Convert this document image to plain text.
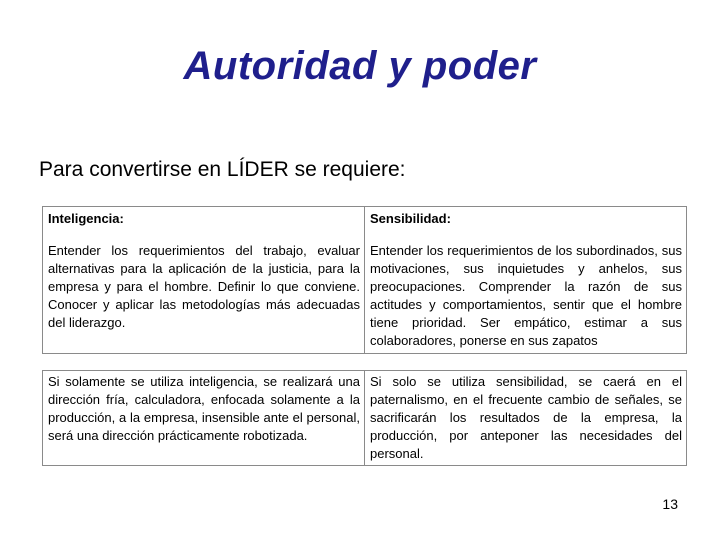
Autoridad y poder
Para convertirse en LÍDER se requiere:
Inteligencia:

Entender los requerimientos del trabajo, evaluar alternativas para la aplicación de la justicia, para la empresa y para el hombre. Definir lo que conviene. Conocer y aplicar las metodologías más adecuadas del liderazgo.

Sensibilidad:

Entender los requerimientos de los subordinados, sus motivaciones, sus inquietudes y anhelos, sus preocupaciones. Comprender la razón de sus actitudes y comportamientos, sentir que el hombre tiene prioridad. Ser empático, estimar a sus colaboradores, ponerse en sus zapatos

Si solamente se utiliza inteligencia, se realizará una dirección fría, calculadora, enfocada solamente a la producción, a la empresa, insensible ante el personal, será una dirección prácticamente robotizada.	Si solo se utiliza sensibilidad, se caerá en el paternalismo, en el frecuente cambio de señales, se sacrificarán los resultados de la empresa, la producción, por anteponer las necesidades del personal.
13
